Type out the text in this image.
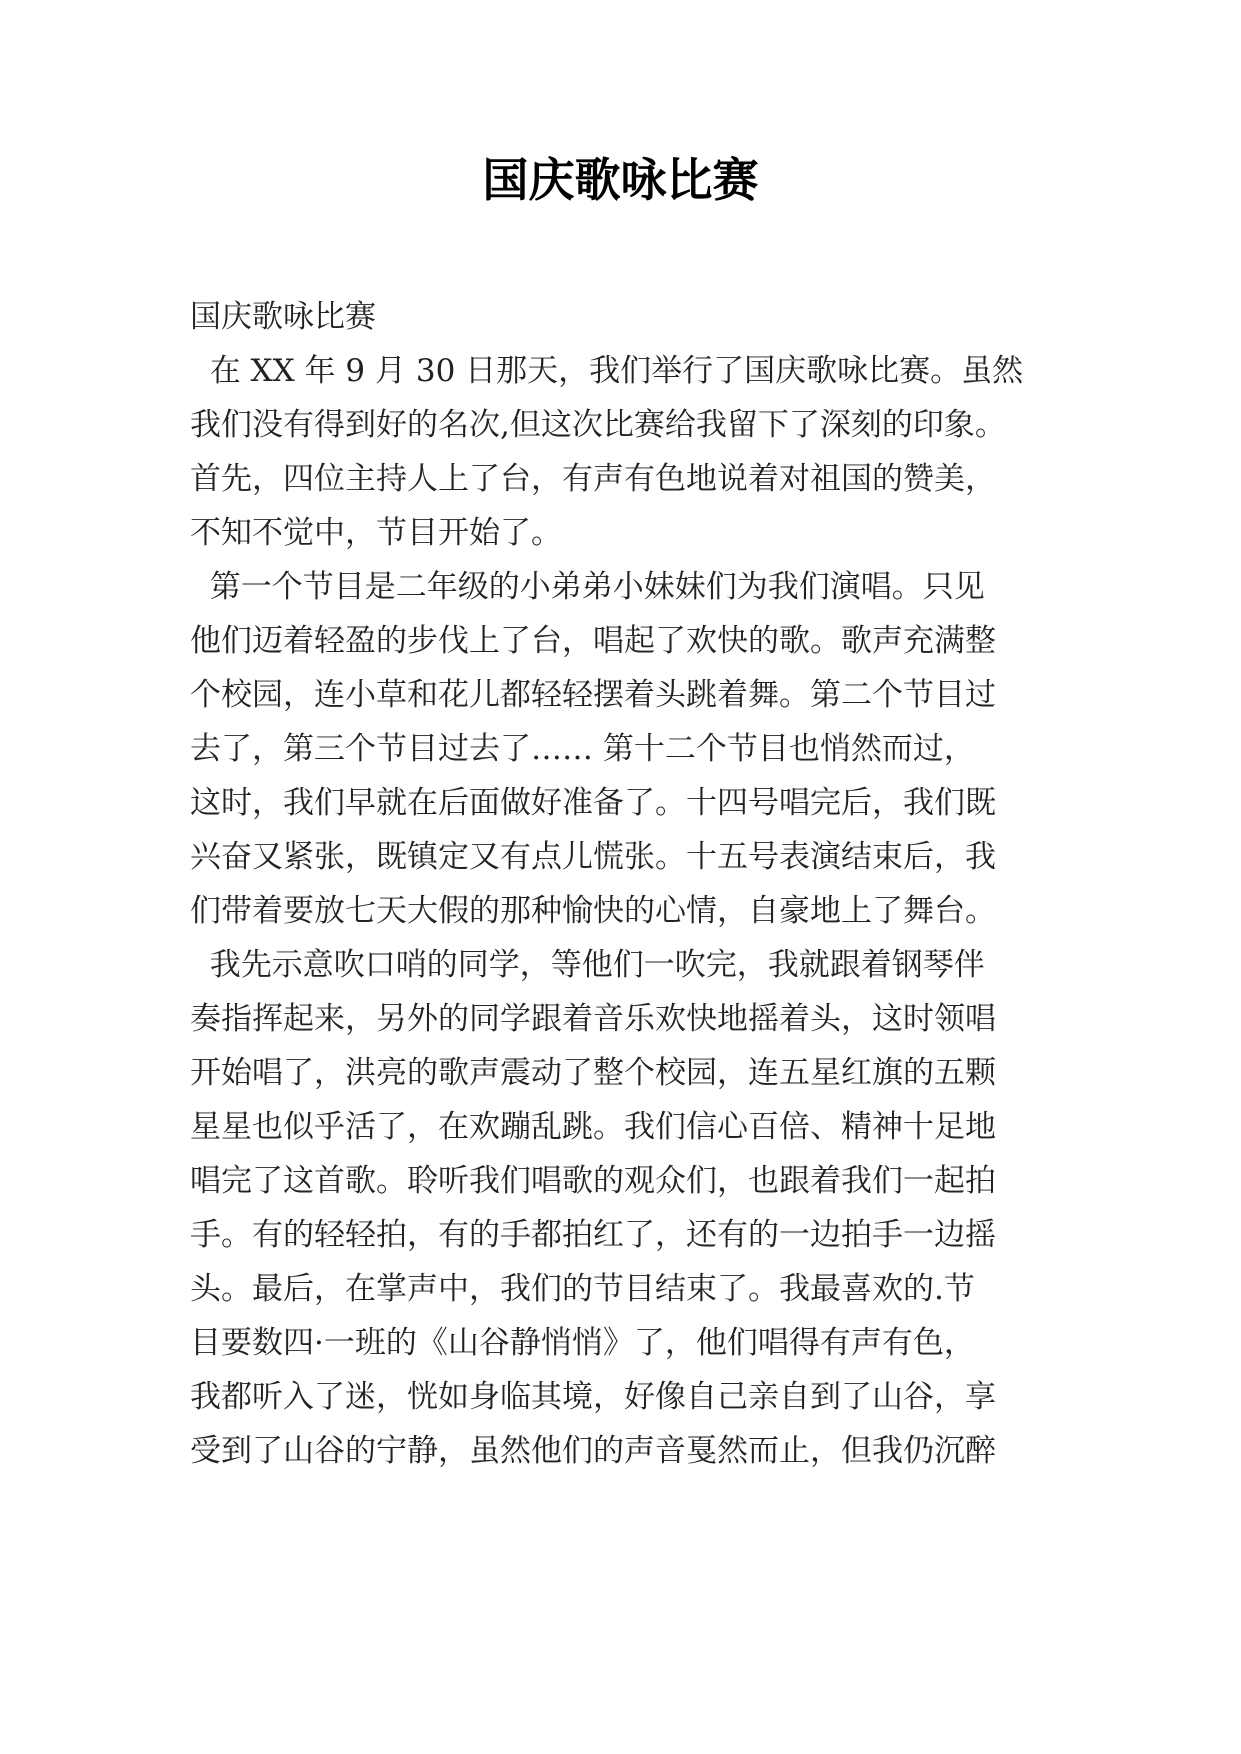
国庆歌咏比赛
国庆歌咏比赛
在 XX 年 9 月 30 日那天，我们举行了国庆歌咏比赛。虽然
我们没有得到好的名次,但这次比赛给我留下了深刻的印象。
首先，四位主持人上了台，有声有色地说着对祖国的赞美，
不知不觉中，节目开始了。
第一个节目是二年级的小弟弟小妹妹们为我们演唱。只见
他们迈着轻盈的步伐上了台，唱起了欢快的歌。歌声充满整
个校园，连小草和花儿都轻轻摆着头跳着舞。第二个节目过
去了，第三个节目过去了…… 第十二个节目也悄然而过，
这时，我们早就在后面做好准备了。十四号唱完后，我们既
兴奋又紧张，既镇定又有点儿慌张。十五号表演结束后，我
们带着要放七天大假的那种愉快的心情，自豪地上了舞台。
我先示意吹口哨的同学，等他们一吹完，我就跟着钢琴伴
奏指挥起来，另外的同学跟着音乐欢快地摇着头，这时领唱
开始唱了，洪亮的歌声震动了整个校园，连五星红旗的五颗
星星也似乎活了，在欢蹦乱跳。我们信心百倍、精神十足地
唱完了这首歌。聆听我们唱歌的观众们，也跟着我们一起拍
手。有的轻轻拍，有的手都拍红了，还有的一边拍手一边摇
头。最后，在掌声中，我们的节目结束了。我最喜欢的.节
目要数四·一班的《山谷静悄悄》了，他们唱得有声有色，
我都听入了迷，恍如身临其境，好像自己亲自到了山谷，享
受到了山谷的宁静，虽然他们的声音戛然而止，但我仍沉醉
